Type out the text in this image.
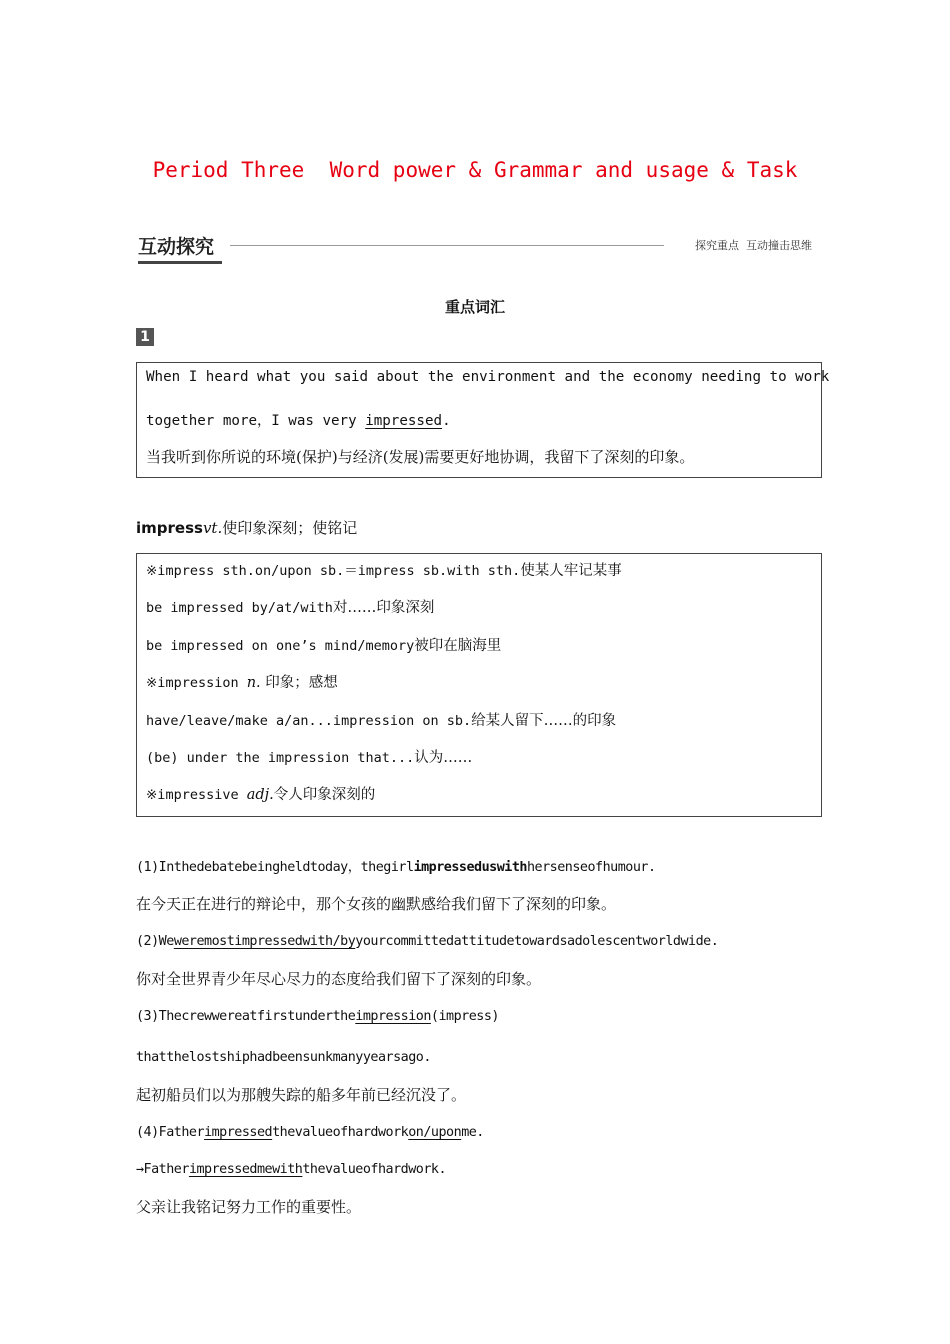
Period Three  Word power & Grammar and usage & Task
互动探究	探究重点  互动撞击思维
重点词汇
1
When I heard what you said about the environment and the economy needing to work
together more，I was very impressed.
当我听到你所说的环境(保护)与经济(发展)需要更好地协调，我留下了深刻的印象。
impressvt.使印象深刻；使铭记
※impress sth.on/upon sb.＝impress sb.with sth.使某人牢记某事
be impressed by/at/with对……印象深刻
be impressed on one’s mind/memory被印在脑海里
※impression n. 印象；感想
have/leave/make a/an...impression on sb.给某人留下……的印象
(be) under the impression that...认为……
※impressive adj.令人印象深刻的
(1)Inthedebatebeingheldtoday，thegirlimpresseduswithhersenseofhumour.
在今天正在进行的辩论中，那个女孩的幽默感给我们留下了深刻的印象。
(2)Weweremostimpressedwith/byyourcommittedattitudetowardsadolescentworldwide.
你对全世界青少年尽心尽力的态度给我们留下了深刻的印象。
(3)Thecrewwereatfirstundertheimpression(impress)
thatthelostshiphadbeensunkmanyyearsago.
起初船员们以为那艘失踪的船多年前已经沉没了。
(4)Fatherimpressedthevalueofhardworkon/uponme.
→Fatherimpressedmewiththevalueofhardwork.
父亲让我铭记努力工作的重要性。
